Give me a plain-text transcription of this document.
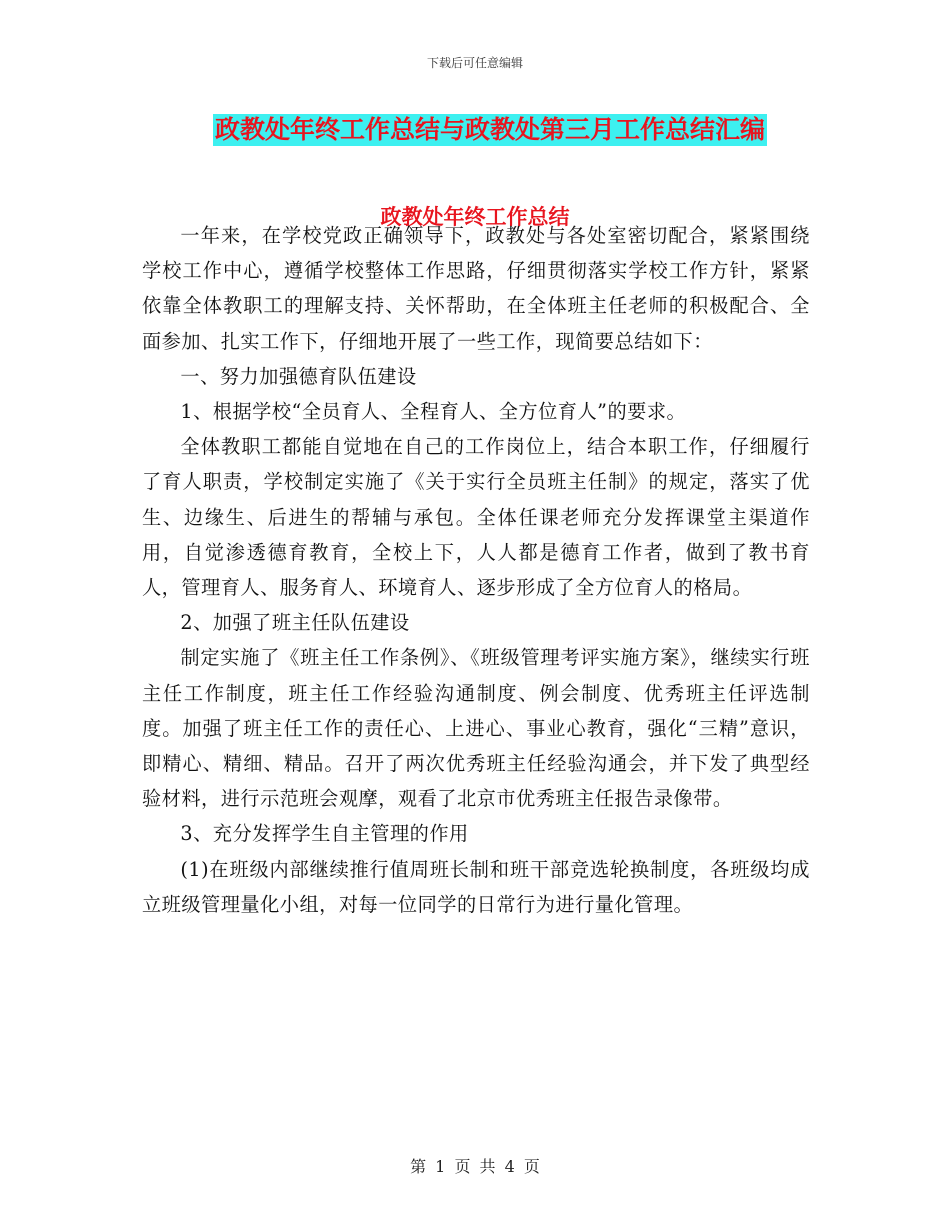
下载后可任意编辑
政教处年终工作总结与政教处第三月工作总结汇编
政教处年终工作总结

一年来，在学校党政正确领导下，政教处与各处室密切配合，紧紧围绕学校工作中心，遵循学校整体工作思路，仔细贯彻落实学校工作方针，紧紧依靠全体教职工的理解支持、关怀帮助，在全体班主任老师的积极配合、全面参加、扎实工作下，仔细地开展了一些工作，现简要总结如下：

一、努力加强德育队伍建设

1、根据学校“全员育人、全程育人、全方位育人”的要求。

全体教职工都能自觉地在自己的工作岗位上，结合本职工作，仔细履行了育人职责，学校制定实施了《关于实行全员班主任制》的规定，落实了优生、边缘生、后进生的帮辅与承包。全体任课老师充分发挥课堂主渠道作用，自觉渗透德育教育，全校上下，人人都是德育工作者，做到了教书育人，管理育人、服务育人、环境育人、逐步形成了全方位育人的格局。

2、加强了班主任队伍建设

制定实施了《班主任工作条例》、《班级管理考评实施方案》，继续实行班主任工作制度，班主任工作经验沟通制度、例会制度、优秀班主任评选制度。加强了班主任工作的责任心、上进心、事业心教育，强化“三精”意识，即精心、精细、精品。召开了两次优秀班主任经验沟通会，并下发了典型经验材料，进行示范班会观摩，观看了北京市优秀班主任报告录像带。

3、充分发挥学生自主管理的作用

(1)在班级内部继续推行值周班长制和班干部竞选轮换制度，各班级均成立班级管理量化小组，对每一位同学的日常行为进行量化管理。

第 1 页 共 4 页
